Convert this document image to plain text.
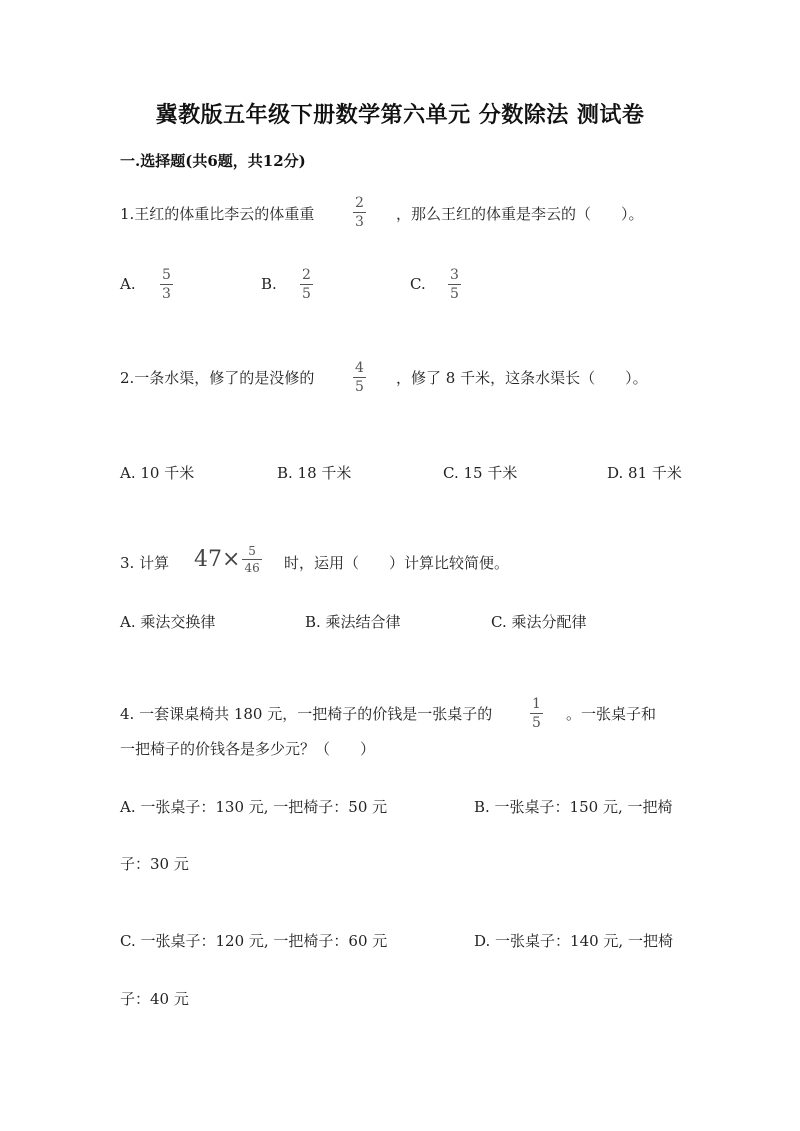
冀教版五年级下册数学第六单元 分数除法 测试卷
一.选择题(共6题，共12分)
1.王红的体重比李云的体重重
2
3 ，那么王红的体重是李云的（　　）。
A. 5
3
B. 2
5
C. 3
5
2.一条水渠，修了的是没修的
4
5 ，修了 8 千米，这条水渠长（　　）。
A. 10 千米	B. 18 千米	C. 15 千米	D. 81 千米
3. 计算 $47\times \frac{5}{46}$ 时，运用（　　）计算比较简便。
A. 乘法交换律	B. 乘法结合律	C. 乘法分配律
4. 一套课桌椅共 180 元，一把椅子的价钱是一张桌子的
1
5 。一张桌子和
一把椅子的价钱各是多少元？（　　）
A. 一张桌子：130 元, 一把椅子：50 元	B. 一张桌子：150 元, 一把椅
子：30 元
C. 一张桌子：120 元, 一把椅子：60 元	D. 一张桌子：140 元, 一把椅
子：40 元
